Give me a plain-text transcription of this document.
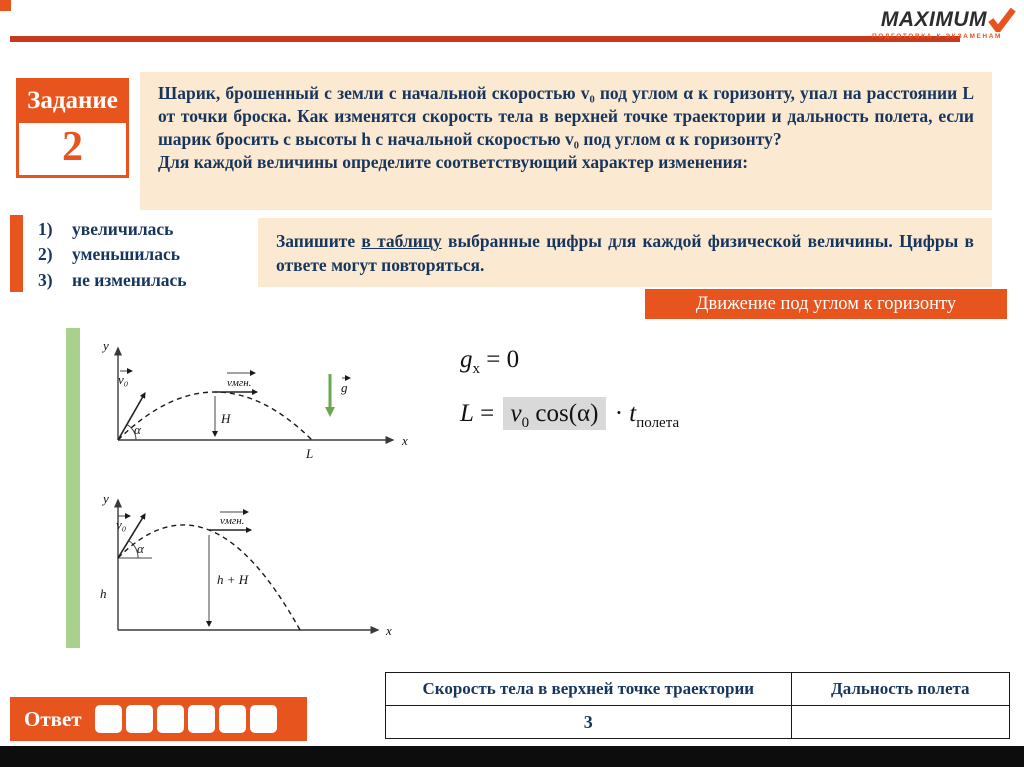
MAXIMUM
ПОДГОТОВКА К ЭКЗАМЕНАМ
Задание
2

Шарик, брошенный с земли с начальной скоростью v₀ под углом α к горизонту, упал на расстоянии L от точки броска. Как изменятся скорость тела в верхней точке траектории и дальность полета, если шарик бросить с высоты h с начальной скоростью v₀ под углом α к горизонту?

Для каждой величины определите соответствующий характер изменения:

1)	увеличилась
2)	уменьшилась
3)	не изменилась
Запишите в таблицу выбранные цифры для каждой физической величины. Цифры в ответе могут повторяться.
Движение под углом к горизонту
y
x
v₀
α
H
vмгн.	g
L
y
x
v₀
α
vмгн.
h + H
h
$g_x = 0$
$L = v_0$ $\cos(\alpha) \cdot t_{полета}$
Скорость тела в верхней точке траектории	Дальность полета
3	
Ответ
